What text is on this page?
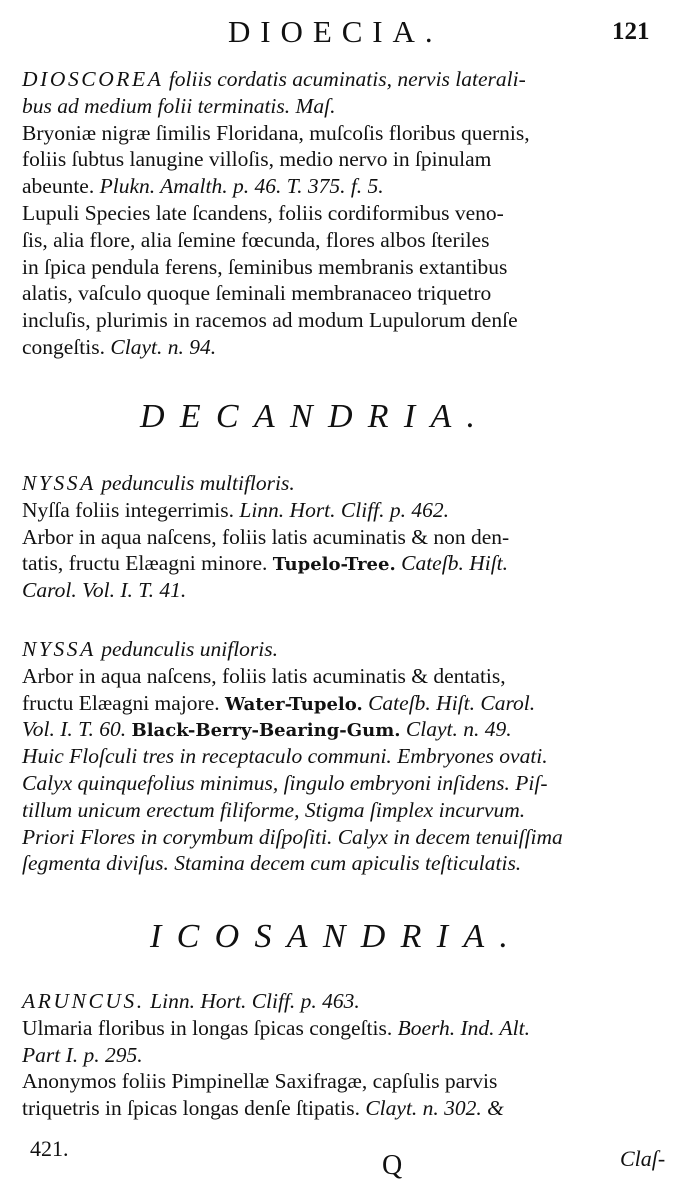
DIOECIA.	121
DIOSCOREA foliis cordatis acuminatis, nervis laterali-
bus ad medium folii terminatis. Maſ.
Bryoniæ nigræ ſimilis Floridana, muſcoſis floribus quernis,
foliis ſubtus lanugine villoſis, medio nervo in ſpinulam
abeunte. Plukn. Amalth. p. 46. T. 375. f. 5.
Lupuli Species late ſcandens, foliis cordiformibus veno-
ſis, alia flore, alia ſemine fœcunda, flores albos ſteriles
in ſpica pendula ferens, ſeminibus membranis extantibus
alatis, vaſculo quoque ſeminali membranaceo triquetro
incluſis, plurimis in racemos ad modum Lupulorum denſe
congeſtis. Clayt. n. 94.
DECANDRIA.
NYSSA pedunculis multifloris.
Nyſſa foliis integerrimis. Linn. Hort. Cliff. p. 462.
Arbor in aqua naſcens, foliis latis acuminatis & non den-
tatis, fructu Elæagni minore. Tupelo-Tree. Cateſb. Hiſt.
Carol. Vol. I. T. 41.
NYSSA pedunculis unifloris.
Arbor in aqua naſcens, foliis latis acuminatis & dentatis,
fructu Elæagni majore. Water-Tupelo. Cateſb. Hiſt. Carol.
Vol. I. T. 60. Black-Berry-Bearing-Gum. Clayt. n. 49.
Huic Floſculi tres in receptaculo communi. Embryones ovati.
Calyx quinquefolius minimus, ſingulo embryoni inſidens. Piſ-
tillum unicum erectum filiforme, Stigma ſimplex incurvum.
Priori Flores in corymbum diſpoſiti. Calyx in decem tenuiſſima
ſegmenta diviſus. Stamina decem cum apiculis teſticulatis.
ICOSANDRIA.
ARUNCUS. Linn. Hort. Cliff. p. 463.
Ulmaria floribus in longas ſpicas congeſtis. Boerh. Ind. Alt.
Part I. p. 295.
Anonymos foliis Pimpinellæ Saxifragæ, capſulis parvis
triquetris in ſpicas longas denſe ſtipatis. Clayt. n. 302. &
421.
Q	Claſ-
